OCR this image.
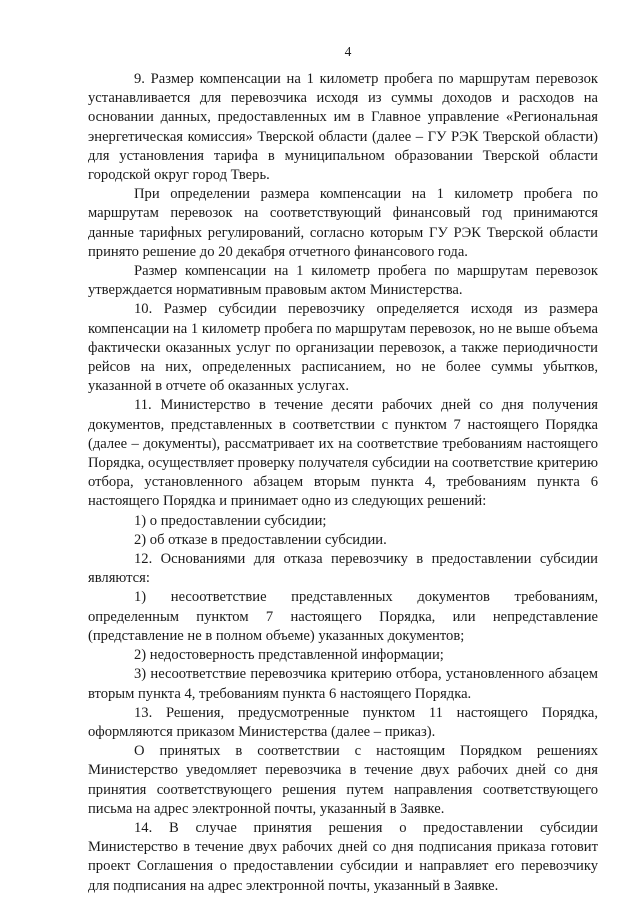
4

9. Размер компенсации на 1 километр пробега по маршрутам перевозок устанавливается для перевозчика исходя из суммы доходов и расходов на основании данных, предоставленных им в Главное управление «Региональная энергетическая комиссия» Тверской области (далее – ГУ РЭК Тверской области) для установления тарифа в муниципальном образовании Тверской области городской округ город Тверь.

При определении размера компенсации на 1 километр пробега по маршрутам перевозок на соответствующий финансовый год принимаются данные тарифных регулирований, согласно которым ГУ РЭК Тверской области принято решение до 20 декабря отчетного финансового года.

Размер компенсации на 1 километр пробега по маршрутам перевозок утверждается нормативным правовым актом Министерства.

10. Размер субсидии перевозчику определяется исходя из размера компенсации на 1 километр пробега по маршрутам перевозок, но не выше объема фактически оказанных услуг по организации перевозок, а также периодичности рейсов на них, определенных расписанием, но не более суммы убытков, указанной в отчете об оказанных услугах.

11. Министерство в течение десяти рабочих дней со дня получения документов, представленных в соответствии с пунктом 7 настоящего Порядка (далее – документы), рассматривает их на соответствие требованиям настоящего Порядка, осуществляет проверку получателя субсидии на соответствие критерию отбора, установленного абзацем вторым пункта 4, требованиям пункта 6 настоящего Порядка и принимает одно из следующих решений:

1) о предоставлении субсидии;

2) об отказе в предоставлении субсидии.

12. Основаниями для отказа перевозчику в предоставлении субсидии являются:

1) несоответствие представленных документов требованиям, определенным пунктом 7 настоящего Порядка, или непредставление (представление не в полном объеме) указанных документов;

2) недостоверность представленной информации;

3) несоответствие перевозчика критерию отбора, установленного абзацем вторым пункта 4, требованиям пункта 6 настоящего Порядка.

13. Решения, предусмотренные пунктом 11 настоящего Порядка, оформляются приказом Министерства (далее – приказ).

О принятых в соответствии с настоящим Порядком решениях Министерство уведомляет перевозчика в течение двух рабочих дней со дня принятия соответствующего решения путем направления соответствующего письма на адрес электронной почты, указанный в Заявке.

14. В случае принятия решения о предоставлении субсидии Министерство в течение двух рабочих дней со дня подписания приказа готовит проект Соглашения о предоставлении субсидии и направляет его перевозчику для подписания на адрес электронной почты, указанный в Заявке.
